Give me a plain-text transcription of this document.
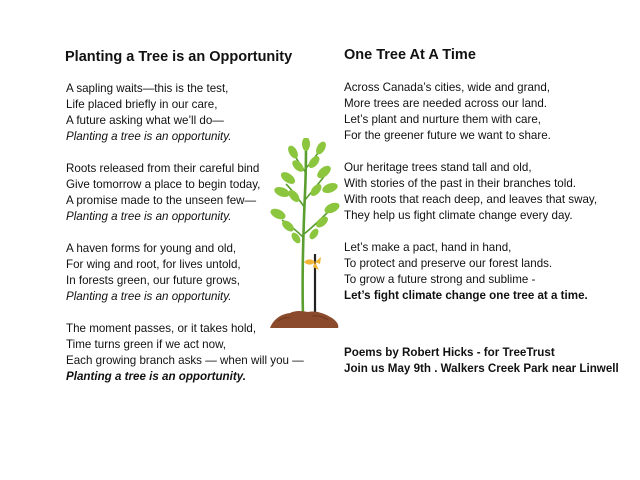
Planting a Tree is an Opportunity
A sapling waits—this is the test,
Life placed briefly in our care,
A future asking what we’ll do—
Planting a tree is an opportunity.
Roots released from their careful bind
Give tomorrow a place to begin today,
A promise made to the unseen few—
Planting a tree is an opportunity.
A haven forms for young and old,
For wing and root, for lives untold,
In forests green, our future grows,
Planting a tree is an opportunity.
The moment passes, or it takes hold,
Time turns green if we act now,
Each growing branch asks — when will you —
Planting a tree is an opportunity.
One Tree At A Time
Across Canada’s cities, wide and grand,
More trees are needed across our land.
Let’s plant and nurture them with care,
For the greener future we want to share.
Our heritage trees stand tall and old,
With stories of the past in their branches told.
With roots that reach deep, and leaves that sway,
They help us fight climate change every day.
Let’s make a pact, hand in hand,
To protect and preserve our forest lands.
To grow a future strong and sublime -
Let’s fight climate change one tree at a time.
Poems by Robert Hicks - for TreeTrust
Join us May 9th . Walkers Creek Park near Linwell
